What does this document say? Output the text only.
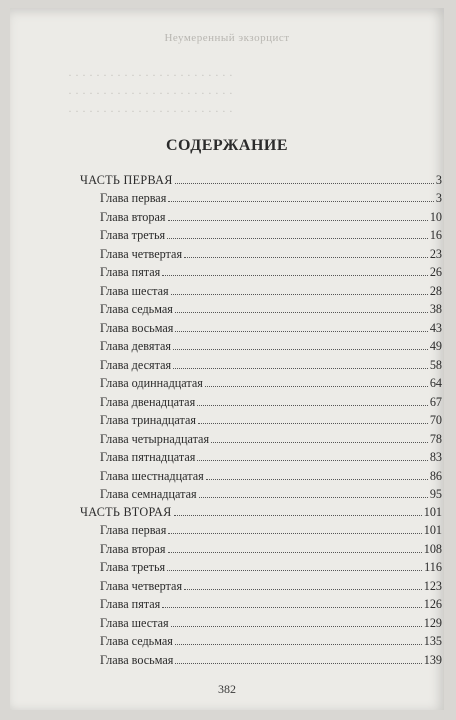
Неумеренный экзорцист
· · · · · · · · · · · · · · · · · · · · · · · ·
· · · · · · · · · · · · · · · · · · · · · · · ·
· · · · · · · · · · · · · · · · · · · · · · · ·
СОДЕРЖАНИЕ
ЧАСТЬ ПЕРВАЯ	3
Глава первая	3
Глава вторая	10
Глава третья	16
Глава четвертая	23
Глава пятая	26
Глава шестая	28
Глава седьмая	38
Глава восьмая	43
Глава девятая	49
Глава десятая	58
Глава одиннадцатая	64
Глава двенадцатая	67
Глава тринадцатая	70
Глава четырнадцатая	78
Глава пятнадцатая	83
Глава шестнадцатая	86
Глава семнадцатая	95
ЧАСТЬ ВТОРАЯ	101
Глава первая	101
Глава вторая	108
Глава третья	116
Глава четвертая	123
Глава пятая	126
Глава шестая	129
Глава седьмая	135
Глава восьмая	139
382
